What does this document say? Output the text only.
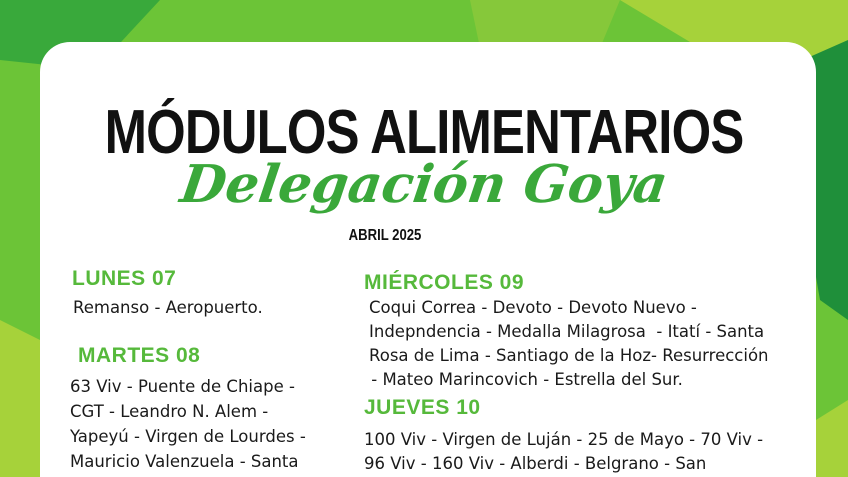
MÓDULOS ALIMENTARIOS
Delegación Goya

ABRIL 2025

LUNES 07

Remanso - Aeropuerto.

MARTES 08

63 Viv - Puente de Chiape -

CGT - Leandro N. Alem -

Yapeyú - Virgen de Lourdes -

Mauricio Valenzuela - Santa

MIÉRCOLES 09

Coqui Correa - Devoto - Devoto Nuevo -

Indepndencia - Medalla Milagrosa  - Itatí - Santa

Rosa de Lima - Santiago de la Hoz- Resurrección

- Mateo Marincovich - Estrella del Sur.

JUEVES 10

100 Viv - Virgen de Luján - 25 de Mayo - 70 Viv -

96 Viv - 160 Viv - Alberdi - Belgrano - San
